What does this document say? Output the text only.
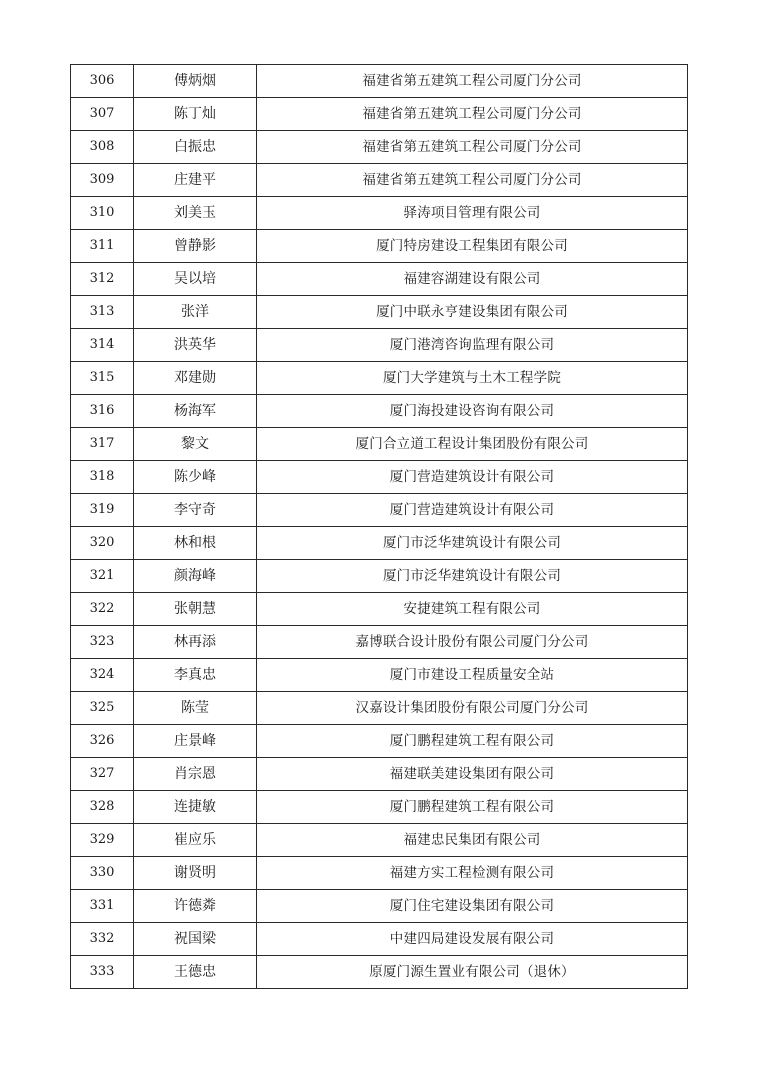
306	傅炳烟	福建省第五建筑工程公司厦门分公司
307	陈丁灿	福建省第五建筑工程公司厦门分公司
308	白振忠	福建省第五建筑工程公司厦门分公司
309	庄建平	福建省第五建筑工程公司厦门分公司
310	刘美玉	驿涛项目管理有限公司
311	曾静影	厦门特房建设工程集团有限公司
312	吴以培	福建容湖建设有限公司
313	张洋	厦门中联永亨建设集团有限公司
314	洪英华	厦门港湾咨询监理有限公司
315	邓建勋	厦门大学建筑与土木工程学院
316	杨海军	厦门海投建设咨询有限公司
317	黎文	厦门合立道工程设计集团股份有限公司
318	陈少峰	厦门营造建筑设计有限公司
319	李守奇	厦门营造建筑设计有限公司
320	林和根	厦门市泛华建筑设计有限公司
321	颜海峰	厦门市泛华建筑设计有限公司
322	张朝慧	安捷建筑工程有限公司
323	林再添	嘉博联合设计股份有限公司厦门分公司
324	李真忠	厦门市建设工程质量安全站
325	陈莹	汉嘉设计集团股份有限公司厦门分公司
326	庄景峰	厦门鹏程建筑工程有限公司
327	肖宗恩	福建联美建设集团有限公司
328	连捷敏	厦门鹏程建筑工程有限公司
329	崔应乐	福建忠民集团有限公司
330	谢贤明	福建方实工程检测有限公司
331	许德粦	厦门住宅建设集团有限公司
332	祝国梁	中建四局建设发展有限公司
333	王德忠	原厦门源生置业有限公司（退休）
